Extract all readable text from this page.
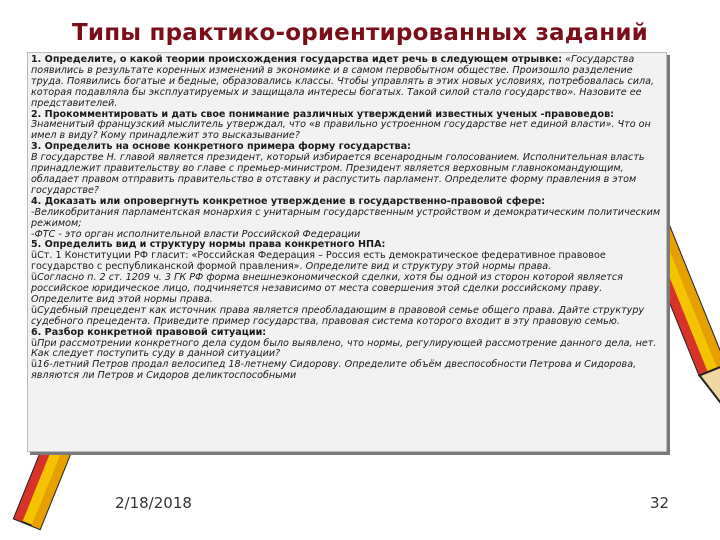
Типы практико-ориентированных заданий

1. Определите, о какой теории происхождения государства идет речь в следующем отрывке: «Государства появились в результате коренных изменений в экономике и в самом первобытном обществе. Произошло разделение труда. Появились богатые и бедные, образовались классы. Чтобы управлять в этих новых условиях, потребовалась сила, которая подавляла бы эксплуатируемых и защищала интересы богатых. Такой силой стало государство». Назовите ее представителей.

2. Прокомментировать и дать свое понимание различных утверждений известных ученых -правоведов: Знаменитый французский мыслитель утверждал, что «в правильно устроенном государстве нет единой власти». Что он имел в виду? Кому принадлежит это высказывание?

3. Определить на основе конкретного примера форму государства:
В государстве Н. главой является президент, который избирается всенародным голосованием. Исполнительная власть принадлежит правительству во главе с премьер-министром. Президент является верховным главнокомандующим, обладает правом отправить правительство в отставку и распустить парламент. Определите форму правления в этом государстве?

4. Доказать или опровергнуть конкретное утверждение в государственно-правовой сфере:
-Великобритания парламентская монархия с унитарным государственным устройством и демократическим политическим режимом;
-ФТС - это орган исполнительной власти Российской Федерации

5. Определить вид и структуру нормы права конкретного НПА:
üСт. 1 Конституции РФ гласит: «Российская Федерация – Россия есть демократическое федеративное правовое государство с республиканской формой правления». Определите вид и структуру этой нормы права.
üСогласно п. 2 ст. 1209 ч. 3 ГК РФ форма внешнеэкономической сделки, хотя бы одной из сторон которой является российское юридическое лицо, подчиняется независимо от места совершения этой сделки российскому праву. Определите вид этой нормы права.
üСудебный прецедент как источник права является преобладающим в правовой семье общего права. Дайте структуру судебного прецедента. Приведите пример государства, правовая система которого входит в эту правовую семью.

6. Разбор конкретной правовой ситуации:
üПри рассмотрении конкретного дела судом было выявлено, что нормы, регулирующей рассмотрение данного дела, нет. Как следует поступить суду в данной ситуации?
ü16-летний Петров продал велосипед 18-летнему Сидорову. Определите объём двеспособности Петрова и Сидорова, являются ли Петров и Сидоров деликтоспособными

2/18/2018	32
